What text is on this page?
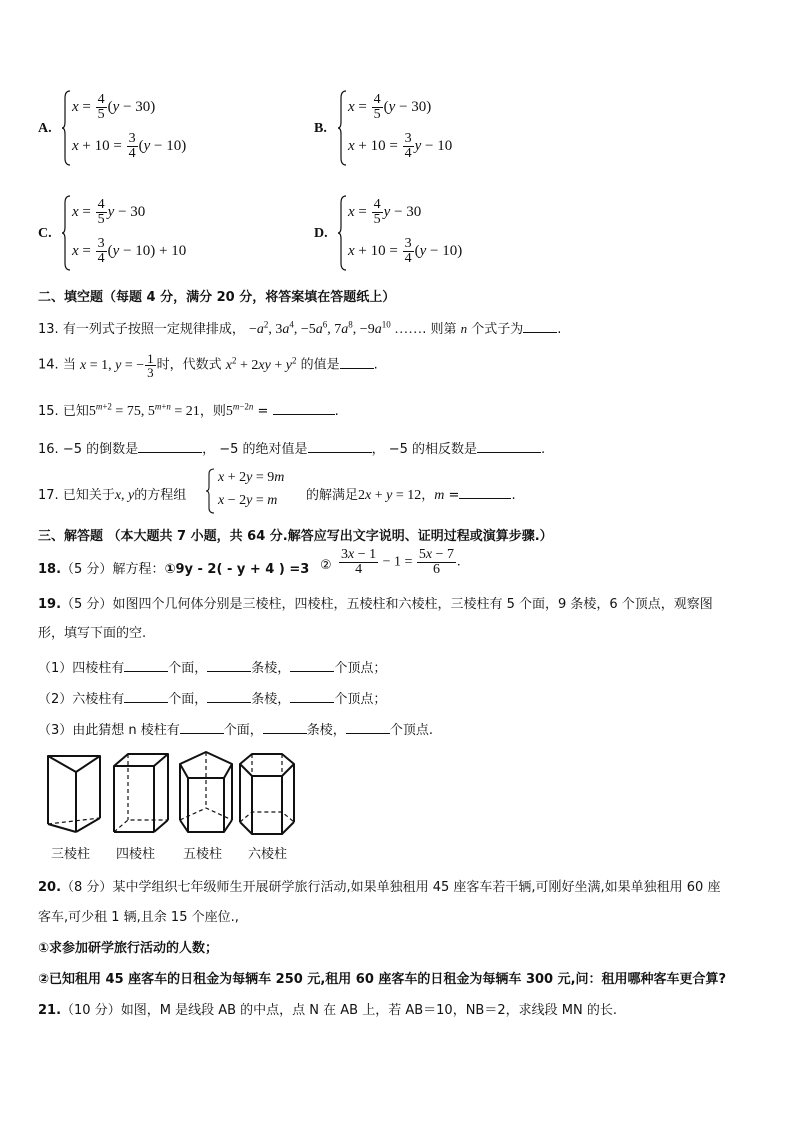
A.
$x = \frac{4}{5} (y - 30)$
$x + 10 = \frac{3}{4} (y - 10)$
B.
$x = \frac{4}{5} (y - 30)$
$x + 10 = \frac{3}{4}$ y − 10
C.
$x = \frac{4}{5}$ y − 30
$x = \frac{3}{4} (y - 10) + 10$
D.
$x = \frac{4}{5}$ y − 30
$x + 10 = \frac{3}{4} (y - 10)$
二、填空题（每题 4 分，满分 20 分，将答案填在答题纸上）
13. 有一列式子按照一定规律排成， $-a^2$, $3a^4$, $-5a^6$, $7a^8$, $-9a^{10}$ ……. 则第 n 个式子为	.
14. 当 x = 1, y = − $\frac{1}{3}$ 时，代数式 $x^2 + 2xy + y^2$ 的值是	.
15. 已知$5^{m+2} = 75$, $5^{m+n} = 21$，则$5^{m-2n}$ =	.
16. −5 的倒数是	， −5 的绝对值是	， −5 的相反数是	.
17. 已知关于x, y的方程组
x + 2y = 9m
x − 2y = m 的解满足2x + y = 12，m =	.
三、解答题 （本大题共 7 小题，共 64 分.解答应写出文字说明、证明过程或演算步骤.）
18.（5 分）解方程：①9y - 2( - y + 4 ) =3 ② $\frac{3x - 1}{4} - 1 = \frac{5x - 7}{6}$ .
19.（5 分）如图四个几何体分别是三棱柱，四棱柱，五棱柱和六棱柱，三棱柱有 5 个面，9 条棱，6 个顶点，观察图
形，填写下面的空.
（1）四棱柱有	个面，	条棱，	个顶点；
（2）六棱柱有	个面，	条棱，	个顶点；
（3）由此猜想 n 棱柱有	个面，	条棱，	个顶点.
三棱柱 四棱柱 五棱柱 六棱柱
20.（8 分）某中学组织七年级师生开展研学旅行活动,如果单独租用 45 座客车若干辆,可刚好坐满,如果单独租用 60 座
客车,可少租 1 辆,且余 15 个座位.,
①求参加研学旅行活动的人数；
②已知租用 45 座客车的日租金为每辆车 250 元,租用 60 座客车的日租金为每辆车 300 元,问：租用哪种客车更合算?
21.（10 分）如图，M 是线段 AB 的中点，点 N 在 AB 上，若 AB＝10，NB＝2，求线段 MN 的长.
